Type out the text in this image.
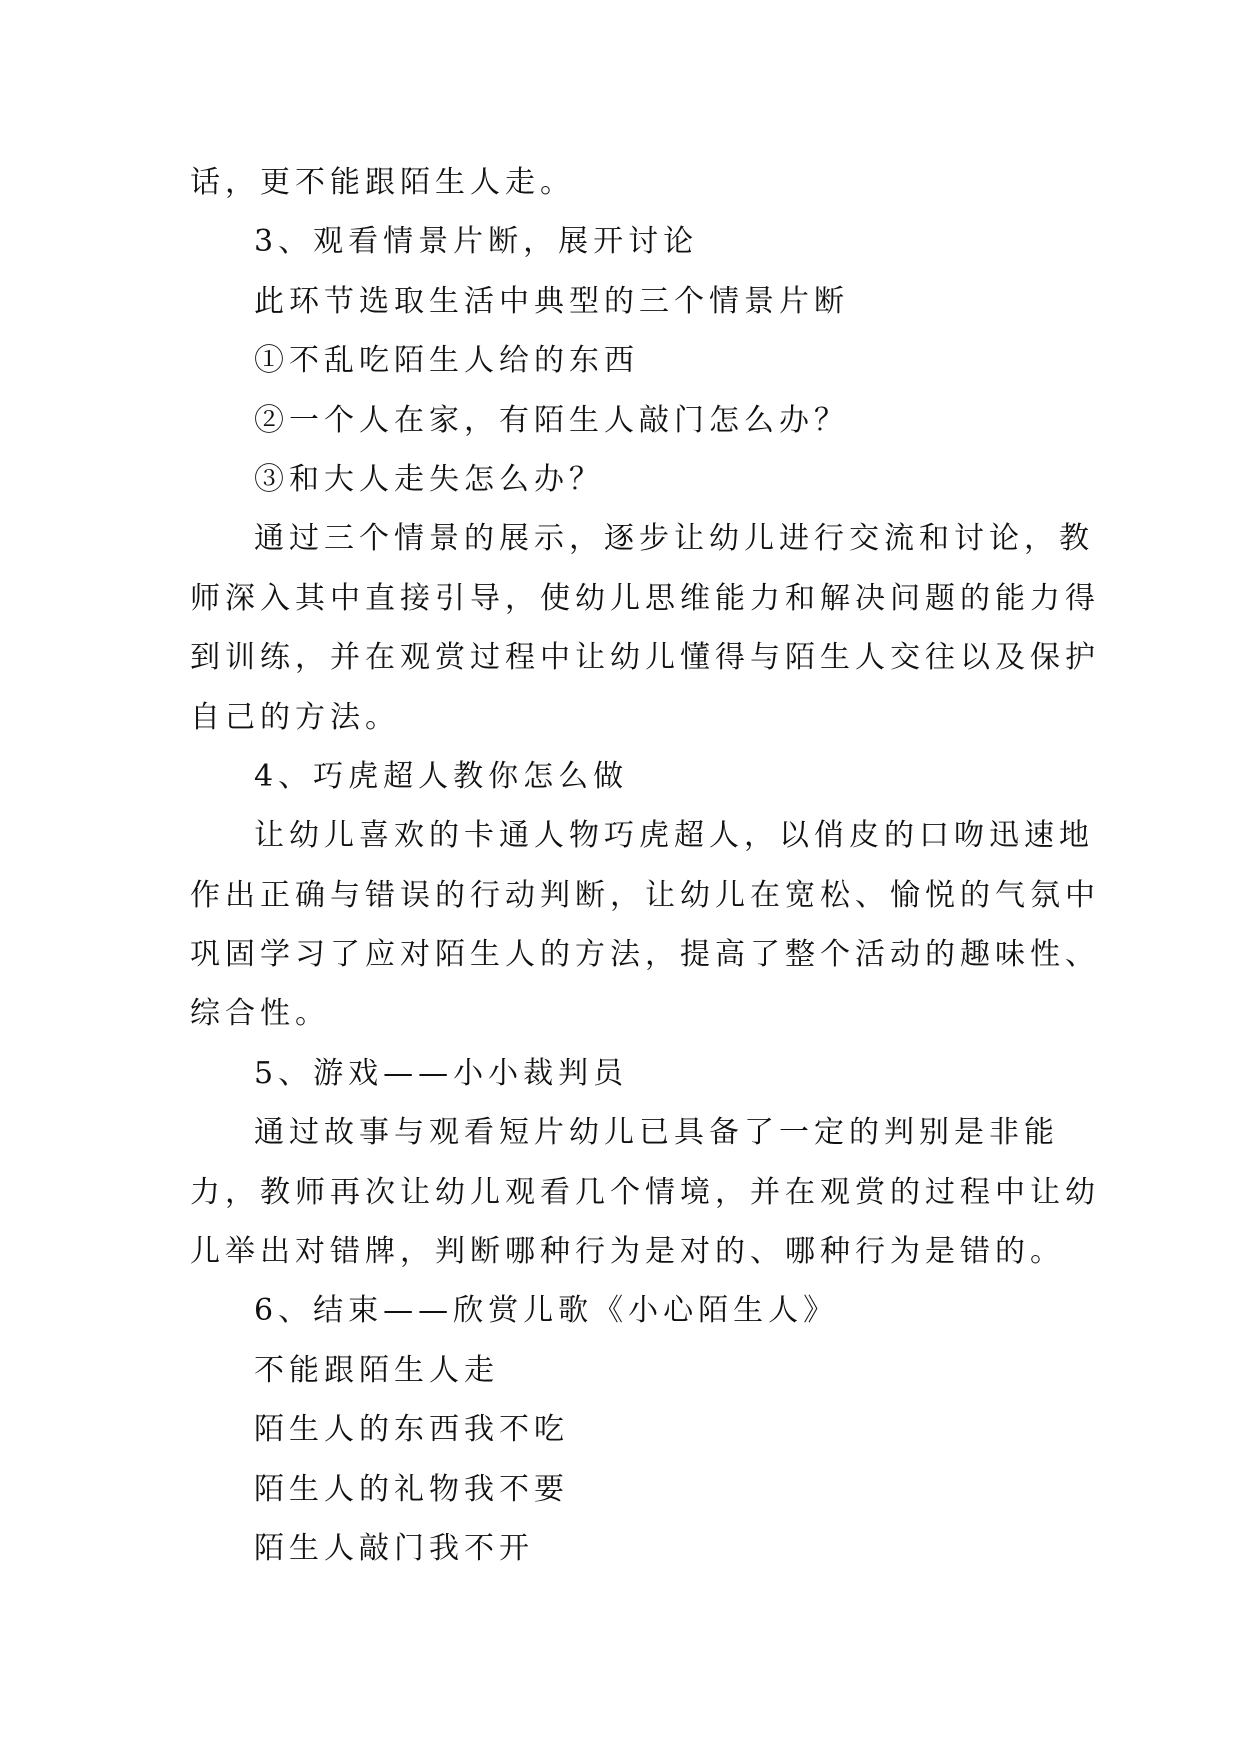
话，更不能跟陌生人走。
3、观看情景片断，展开讨论
此环节选取生活中典型的三个情景片断
①不乱吃陌生人给的东西
②一个人在家，有陌生人敲门怎么办？
③和大人走失怎么办？
通过三个情景的展示，逐步让幼儿进行交流和讨论，教
师深入其中直接引导，使幼儿思维能力和解决问题的能力得
到训练，并在观赏过程中让幼儿懂得与陌生人交往以及保护
自己的方法。
4、巧虎超人教你怎么做
让幼儿喜欢的卡通人物巧虎超人，以俏皮的口吻迅速地
作出正确与错误的行动判断，让幼儿在宽松、愉悦的气氛中
巩固学习了应对陌生人的方法，提高了整个活动的趣味性、
综合性。
5、游戏——小小裁判员
通过故事与观看短片幼儿已具备了一定的判别是非能
力，教师再次让幼儿观看几个情境，并在观赏的过程中让幼
儿举出对错牌，判断哪种行为是对的、哪种行为是错的。
6、结束——欣赏儿歌《小心陌生人》
不能跟陌生人走
陌生人的东西我不吃
陌生人的礼物我不要
陌生人敲门我不开
